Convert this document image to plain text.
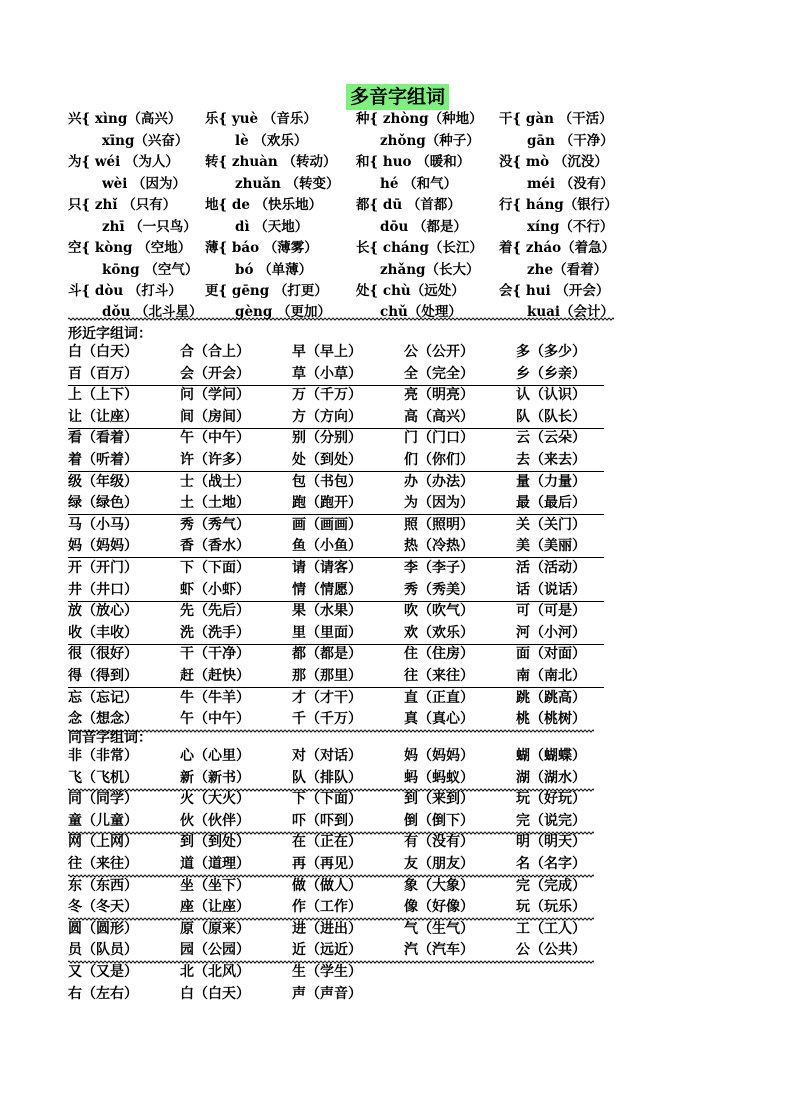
多音字组词
兴{ xìng（高兴） 乐{ yuè （音乐）	种{ zhòng（种地） 干{ gàn （干活）
xīng（兴奋）	lè （欢乐）	zhǒng（种子）	gān （干净）
为{ wéi （为人） 转{ zhuàn （转动） 和{ huo （暖和） 没{ mò （沉没）
wèi （因为）	zhuǎn （转变）	hé （和气）	méi （没有）
只{ zhǐ （只有） 地{ de （快乐地）	都{ dū （首都）	行{ háng（银行）
zhī （一只鸟）	dì （天地）	dōu （都是）	xíng（不行）
空{ kòng （空地） 薄{ báo （薄雾）	长{ cháng（长江） 着{ zháo（着急）
kōng （空气）	bó （单薄）	zhǎng（长大）	zhe（看着）
斗{ dòu （打斗） 更{ gēng （打更） 处{ chù（远处）	会{ hui （开会）
dǒu （北斗星） gèng （更加）	chǔ（处理）	kuai（会计）
形近字组词：
白（白天）	合（合上）	早（早上）	公（公开）	多（多少）
百（百万）	会（开会）	草（小草）	全（完全）	乡（乡亲）
上（上下）	问（学问）	万（千万）	亮（明亮）	认（认识）
让（让座）	间（房间）	方（方向）	高（高兴）	队（队长）
看（看着）	午（中午）	别（分别）	门（门口）	云（云朵）
着（听着）	许（许多）	处（到处）	们（你们）	去（来去）
级（年级）	士（战士）	包（书包）	办（办法）	量（力量）
绿（绿色）	土（土地）	跑（跑开）	为（因为）	最（最后）
马（小马）	秀（秀气）	画（画画）	照（照明）	关（关门）
妈（妈妈）	香（香水）	鱼（小鱼）	热（冷热）	美（美丽）
开（开门）	下（下面）	请（请客）	李（李子）	活（活动）
井（井口）	虾（小虾）	情（情愿）	秀（秀美）	话（说话）
放（放心）	先（先后）	果（水果）	吹（吹气）	可（可是）
收（丰收）	洗（洗手）	里（里面）	欢（欢乐）	河（小河）
很（很好）	干（干净）	都（都是）	住（住房）	面（对面）
得（得到）	赶（赶快）	那（那里）	往（来往）	南（南北）
忘（忘记）	牛（牛羊）	才（才干）	直（正直）	跳（跳高）
念（想念）	午（中午）	千（千万）	真（真心）	桃（桃树）
同音字组词：
非（非常）	心（心里）	对（对话）	妈（妈妈）	蝴（蝴蝶）
飞（飞机）	新（新书）	队（排队）	蚂（蚂蚁）	湖（湖水）
同（同学）	火（大火）	下（下面）	到（来到）	玩（好玩）
童（儿童）	伙（伙伴）	吓（吓到）	倒（倒下）	完（说完）
网（上网）	到（到处）	在（正在）	有（没有）	明（明天）
往（来往）	道（道理）	再（再见）	友（朋友）	名（名字）
东（东西）	坐（坐下）	做（做人）	象（大象）	完（完成）
冬（冬天）	座（让座）	作（工作）	像（好像）	玩（玩乐）
圆（圆形）	原（原来）	进（进出）	气（生气）	工（工人）
员（队员）	园（公园）	近（远近）	汽（汽车）	公（公共）
又（又是）	北（北风）	生（学生）
右（左右）	白（白天）	声（声音）
